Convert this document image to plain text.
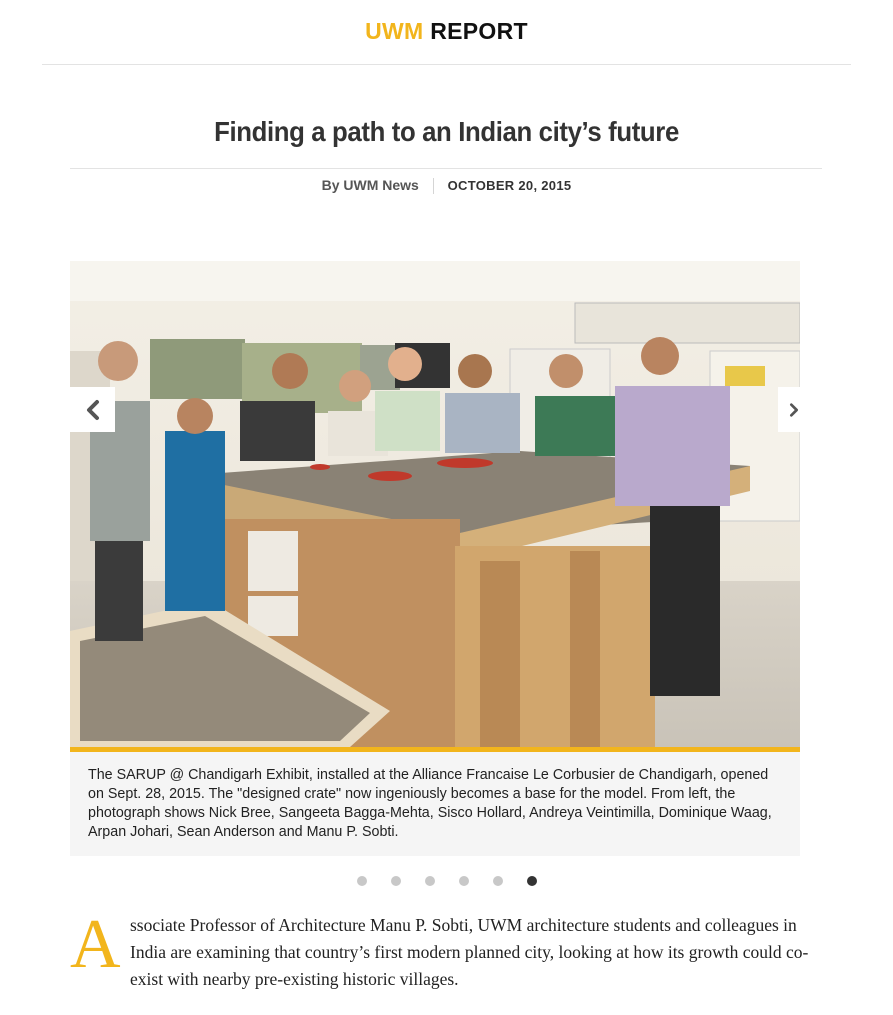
UWM REPORT
Finding a path to an Indian city’s future
By UWM News OCTOBER 20, 2015
The SARUP @ Chandigarh Exhibit, installed at the Alliance Francaise Le Corbusier de Chandigarh, opened on Sept. 28, 2015. The "designed crate" now ingeniously becomes a base for the model. From left, the photograph shows Nick Bree, Sangeeta Bagga-Mehta, Sisco Hollard, Andreya Veintimilla, Dominique Waag, Arpan Johari, Sean Anderson and Manu P. Sobti.
A ssociate Professor of Architecture Manu P. Sobti, UWM architecture students and colleagues in India are examining that country’s first modern planned city, looking at how its growth could co-exist with nearby pre-existing historic villages.
